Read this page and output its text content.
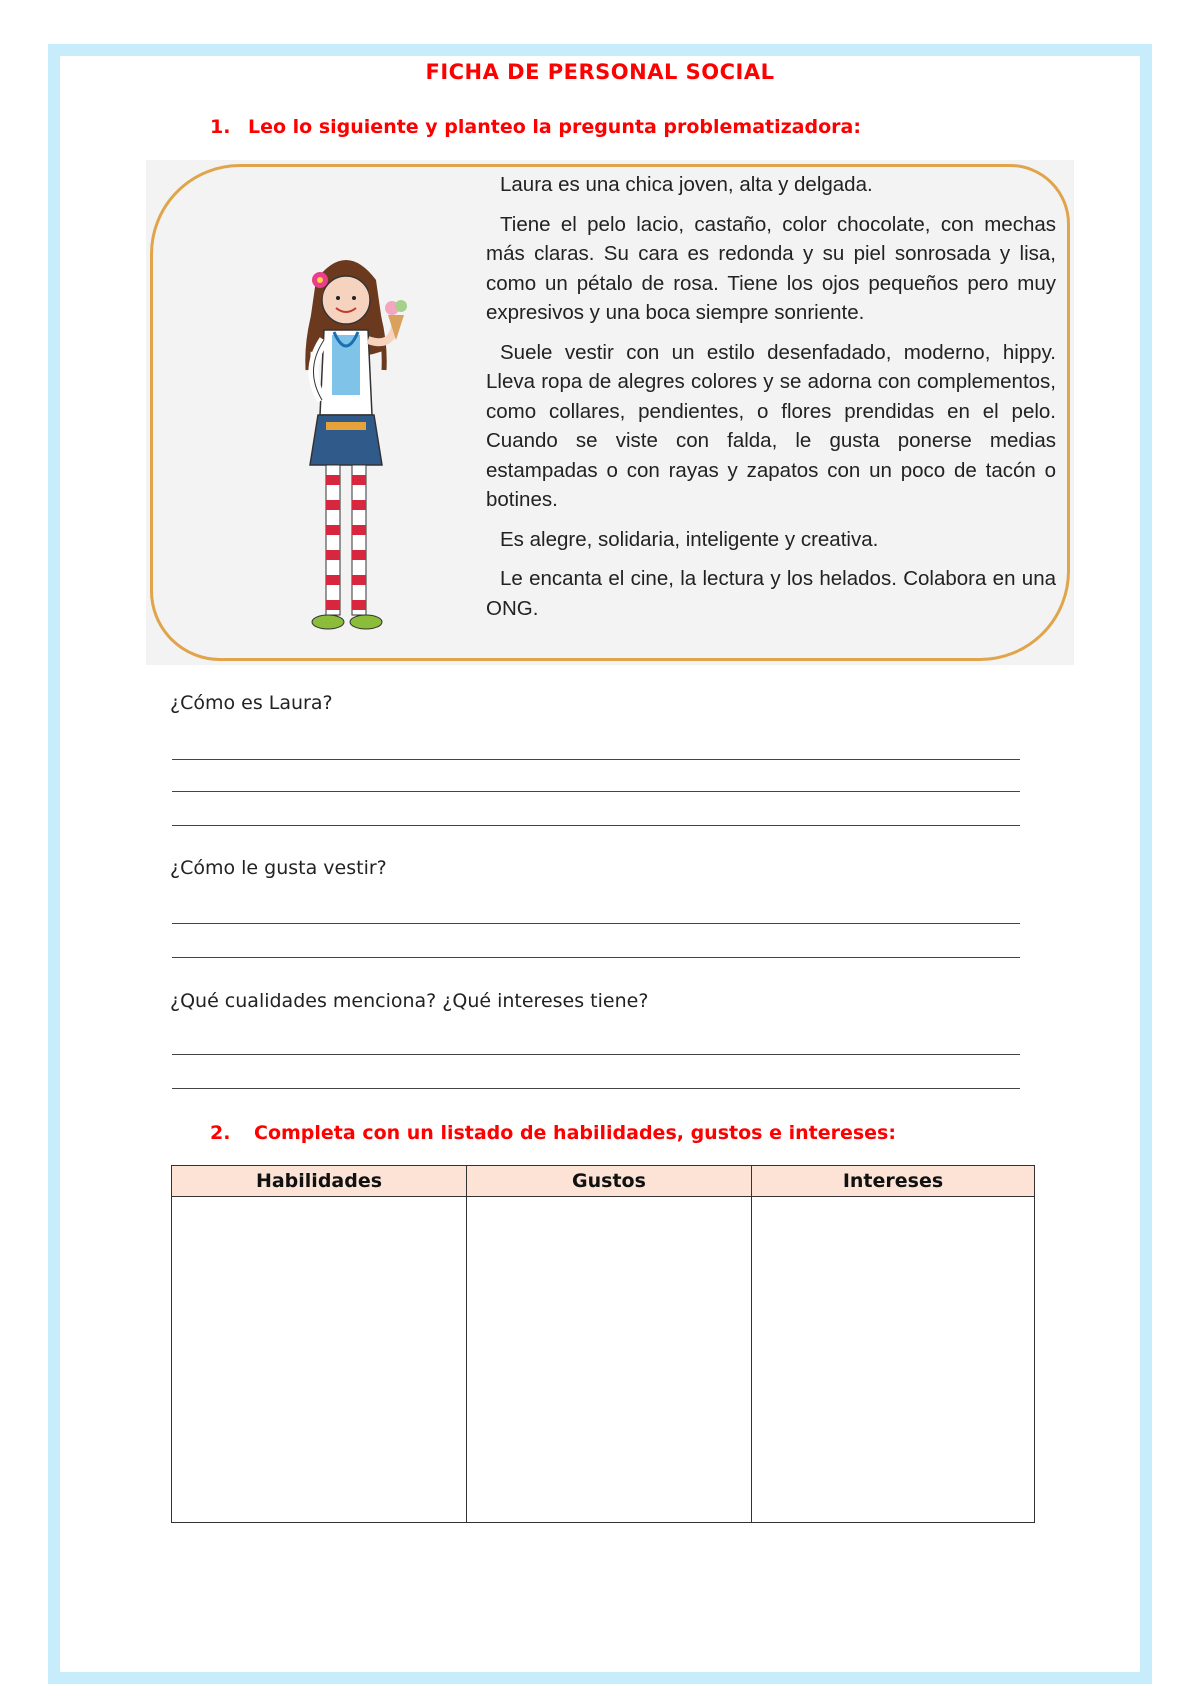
FICHA DE PERSONAL SOCIAL
1. Leo lo siguiente y planteo la pregunta problematizadora:

Laura es una chica joven, alta y delgada.

Tiene el pelo lacio, castaño, color chocolate, con mechas más claras. Su cara es redonda y su piel sonrosada y lisa, como un pétalo de rosa. Tiene los ojos pequeños pero muy expresivos y una boca siempre sonriente.

Suele vestir con un estilo desenfadado, moderno, hippy. Lleva ropa de alegres colores y se adorna con complementos, como collares, pendientes, o flores prendidas en el pelo. Cuando se viste con falda, le gusta ponerse medias estampadas o con rayas y zapatos con un poco de tacón o botines.

Es alegre, solidaria, inteligente y creativa.

Le encanta el cine, la lectura y los helados. Colabora en una ONG.

¿Cómo es Laura?
¿Cómo le gusta vestir?
¿Qué cualidades menciona? ¿Qué intereses tiene?
2. Completa con un listado de habilidades, gustos e intereses:
Habilidades	Gustos	Intereses
